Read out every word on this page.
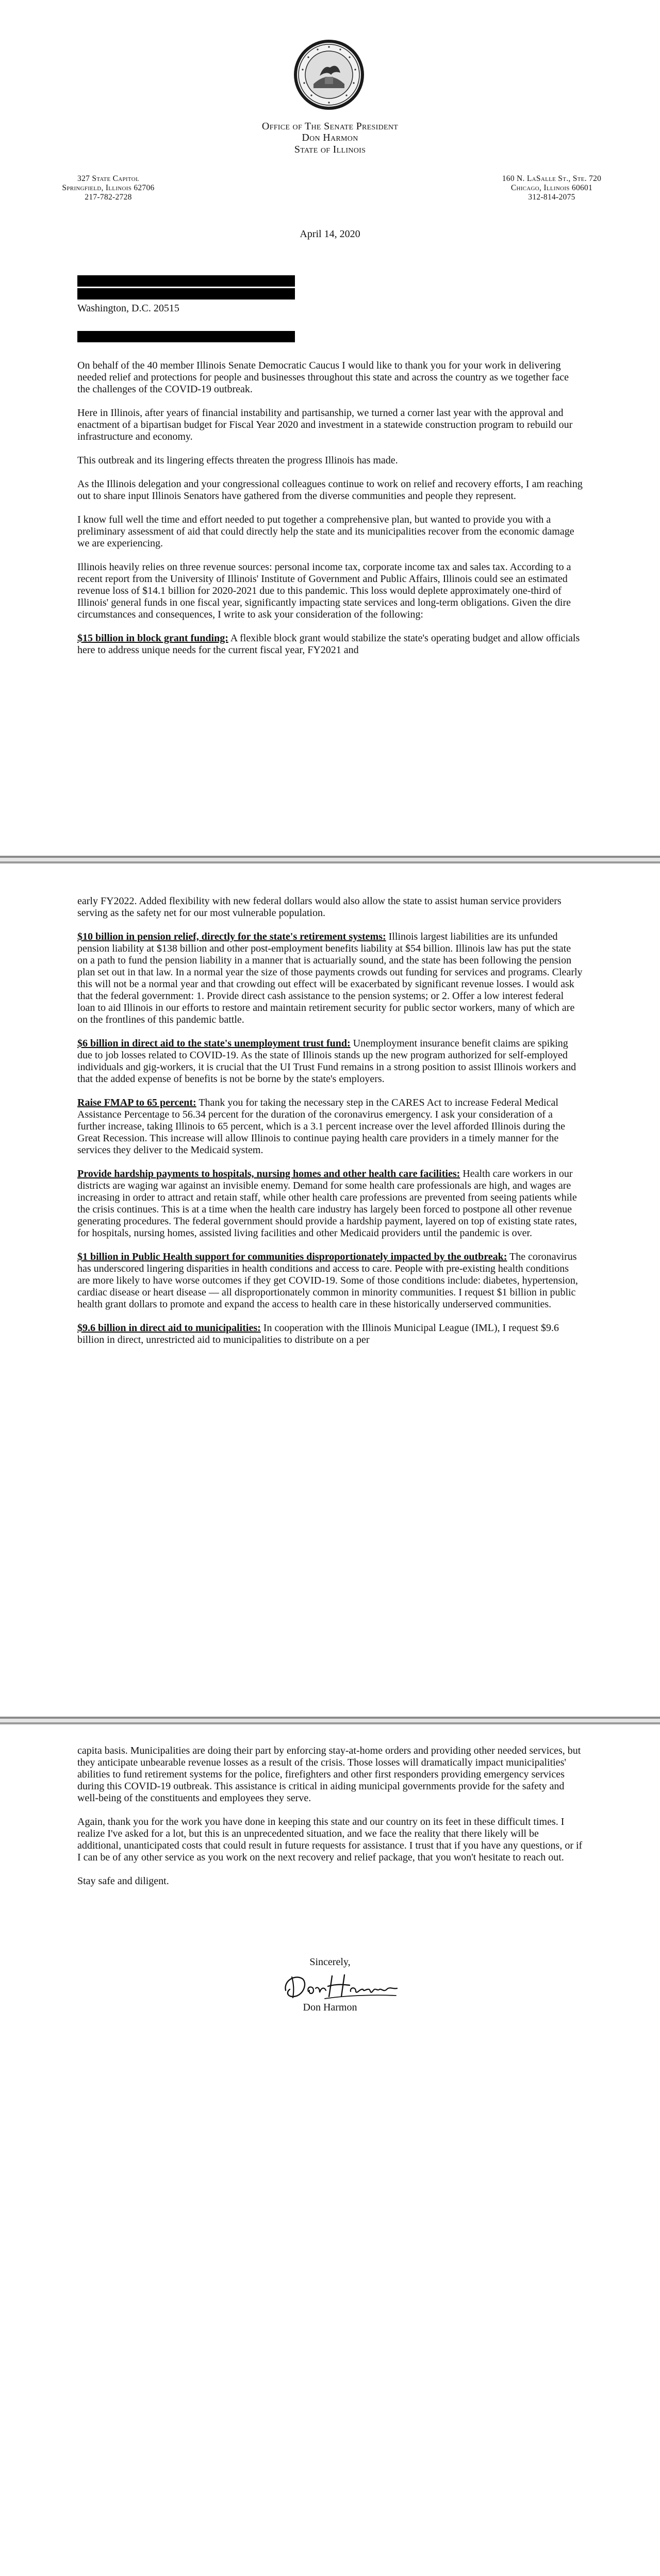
Office of The Senate President
Don Harmon
State of Illinois
327 State Capitol
Springfield, Illinois 62706
217-782-2728
160 N. LaSalle St., Ste. 720
Chicago, Illinois 60601
312-814-2075
April 14, 2020
Washington, D.C. 20515

On behalf of the 40 member Illinois Senate Democratic Caucus I would like to thank you for your work in delivering needed relief and protections for people and businesses throughout this state and across the country as we together face the challenges of the COVID-19 outbreak.

Here in Illinois, after years of financial instability and partisanship, we turned a corner last year with the approval and enactment of a bipartisan budget for Fiscal Year 2020 and investment in a statewide construction program to rebuild our infrastructure and economy.

This outbreak and its lingering effects threaten the progress Illinois has made.

As the Illinois delegation and your congressional colleagues continue to work on relief and recovery efforts, I am reaching out to share input Illinois Senators have gathered from the diverse communities and people they represent.

I know full well the time and effort needed to put together a comprehensive plan, but wanted to provide you with a preliminary assessment of aid that could directly help the state and its municipalities recover from the economic damage we are experiencing.

Illinois heavily relies on three revenue sources: personal income tax, corporate income tax and sales tax. According to a recent report from the University of Illinois' Institute of Government and Public Affairs, Illinois could see an estimated revenue loss of $14.1 billion for 2020-2021 due to this pandemic. This loss would deplete approximately one-third of Illinois' general funds in one fiscal year, significantly impacting state services and long-term obligations. Given the dire circumstances and consequences, I write to ask your consideration of the following:

$15 billion in block grant funding: A flexible block grant would stabilize the state's operating budget and allow officials here to address unique needs for the current fiscal year, FY2021 and

early FY2022. Added flexibility with new federal dollars would also allow the state to assist human service providers serving as the safety net for our most vulnerable population.

$10 billion in pension relief, directly for the state's retirement systems: Illinois largest liabilities are its unfunded pension liability at $138 billion and other post-employment benefits liability at $54 billion. Illinois law has put the state on a path to fund the pension liability in a manner that is actuarially sound, and the state has been following the pension plan set out in that law. In a normal year the size of those payments crowds out funding for services and programs. Clearly this will not be a normal year and that crowding out effect will be exacerbated by significant revenue losses. I would ask that the federal government: 1. Provide direct cash assistance to the pension systems; or 2. Offer a low interest federal loan to aid Illinois in our efforts to restore and maintain retirement security for public sector workers, many of which are on the frontlines of this pandemic battle.

$6 billion in direct aid to the state's unemployment trust fund: Unemployment insurance benefit claims are spiking due to job losses related to COVID-19. As the state of Illinois stands up the new program authorized for self-employed individuals and gig-workers, it is crucial that the UI Trust Fund remains in a strong position to assist Illinois workers and that the added expense of benefits is not be borne by the state's employers.

Raise FMAP to 65 percent: Thank you for taking the necessary step in the CARES Act to increase Federal Medical Assistance Percentage to 56.34 percent for the duration of the coronavirus emergency. I ask your consideration of a further increase, taking Illinois to 65 percent, which is a 3.1 percent increase over the level afforded Illinois during the Great Recession. This increase will allow Illinois to continue paying health care providers in a timely manner for the services they deliver to the Medicaid system.

Provide hardship payments to hospitals, nursing homes and other health care facilities: Health care workers in our districts are waging war against an invisible enemy. Demand for some health care professionals are high, and wages are increasing in order to attract and retain staff, while other health care professions are prevented from seeing patients while the crisis continues. This is at a time when the health care industry has largely been forced to postpone all other revenue generating procedures. The federal government should provide a hardship payment, layered on top of existing state rates, for hospitals, nursing homes, assisted living facilities and other Medicaid providers until the pandemic is over.

$1 billion in Public Health support for communities disproportionately impacted by the outbreak: The coronavirus has underscored lingering disparities in health conditions and access to care. People with pre-existing health conditions are more likely to have worse outcomes if they get COVID-19. Some of those conditions include: diabetes, hypertension, cardiac disease or heart disease — all disproportionately common in minority communities. I request $1 billion in public health grant dollars to promote and expand the access to health care in these historically underserved communities.

$9.6 billion in direct aid to municipalities: In cooperation with the Illinois Municipal League (IML), I request $9.6 billion in direct, unrestricted aid to municipalities to distribute on a per

capita basis. Municipalities are doing their part by enforcing stay-at-home orders and providing other needed services, but they anticipate unbearable revenue losses as a result of the crisis. Those losses will dramatically impact municipalities' abilities to fund retirement systems for the police, firefighters and other first responders providing emergency services during this COVID-19 outbreak. This assistance is critical in aiding municipal governments provide for the safety and well-being of the constituents and employees they serve.

Again, thank you for the work you have done in keeping this state and our country on its feet in these difficult times. I realize I've asked for a lot, but this is an unprecedented situation, and we face the reality that there likely will be additional, unanticipated costs that could result in future requests for assistance. I trust that if you have any questions, or if I can be of any other service as you work on the next recovery and relief package, that you won't hesitate to reach out.

Stay safe and diligent.

Sincerely,
Don Harmon
